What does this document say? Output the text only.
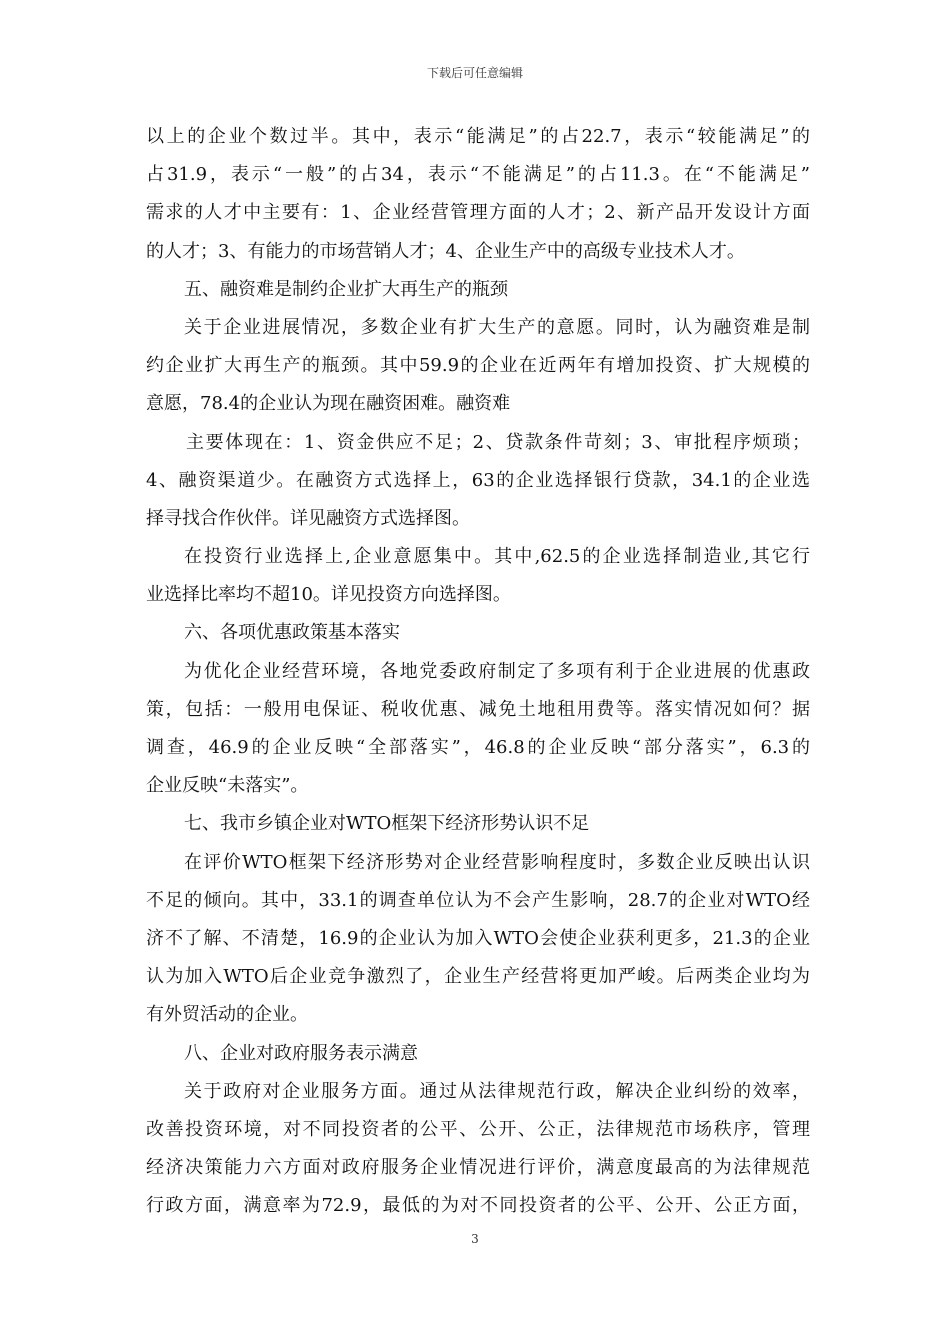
下载后可任意编辑
以上的企业个数过半。其中，表示“能满足”的占22.7，表示“较能满足”的
占31.9，表示“一般”的占34，表示“不能满足”的占11.3。在“不能满足”
需求的人才中主要有：1、企业经营管理方面的人才；2、新产品开发设计方面
的人才；3、有能力的市场营销人才；4、企业生产中的高级专业技术人才。
五、融资难是制约企业扩大再生产的瓶颈
关于企业进展情况，多数企业有扩大生产的意愿。同时，认为融资难是制
约企业扩大再生产的瓶颈。其中59.9的企业在近两年有增加投资、扩大规模的
意愿，78.4的企业认为现在融资困难。融资难
主要体现在：1、资金供应不足；2、贷款条件苛刻；3、审批程序烦琐；
4、融资渠道少。在融资方式选择上，63的企业选择银行贷款，34.1的企业选
择寻找合作伙伴。详见融资方式选择图。
在投资行业选择上,企业意愿集中。其中,62.5的企业选择制造业,其它行
业选择比率均不超10。详见投资方向选择图。
六、各项优惠政策基本落实
为优化企业经营环境，各地党委政府制定了多项有利于企业进展的优惠政
策，包括：一般用电保证、税收优惠、减免土地租用费等。落实情况如何？据
调查，46.9的企业反映“全部落实”，46.8的企业反映“部分落实”，6.3的
企业反映“未落实”。
七、我市乡镇企业对WTO框架下经济形势认识不足
在评价WTO框架下经济形势对企业经营影响程度时，多数企业反映出认识
不足的倾向。其中，33.1的调查单位认为不会产生影响，28.7的企业对WTO经
济不了解、不清楚，16.9的企业认为加入WTO会使企业获利更多，21.3的企业
认为加入WTO后企业竞争激烈了，企业生产经营将更加严峻。后两类企业均为
有外贸活动的企业。
八、企业对政府服务表示满意
关于政府对企业服务方面。通过从法律规范行政，解决企业纠纷的效率，
改善投资环境，对不同投资者的公平、公开、公正，法律规范市场秩序，管理
经济决策能力六方面对政府服务企业情况进行评价，满意度最高的为法律规范
行政方面，满意率为72.9，最低的为对不同投资者的公平、公开、公正方面，
3
